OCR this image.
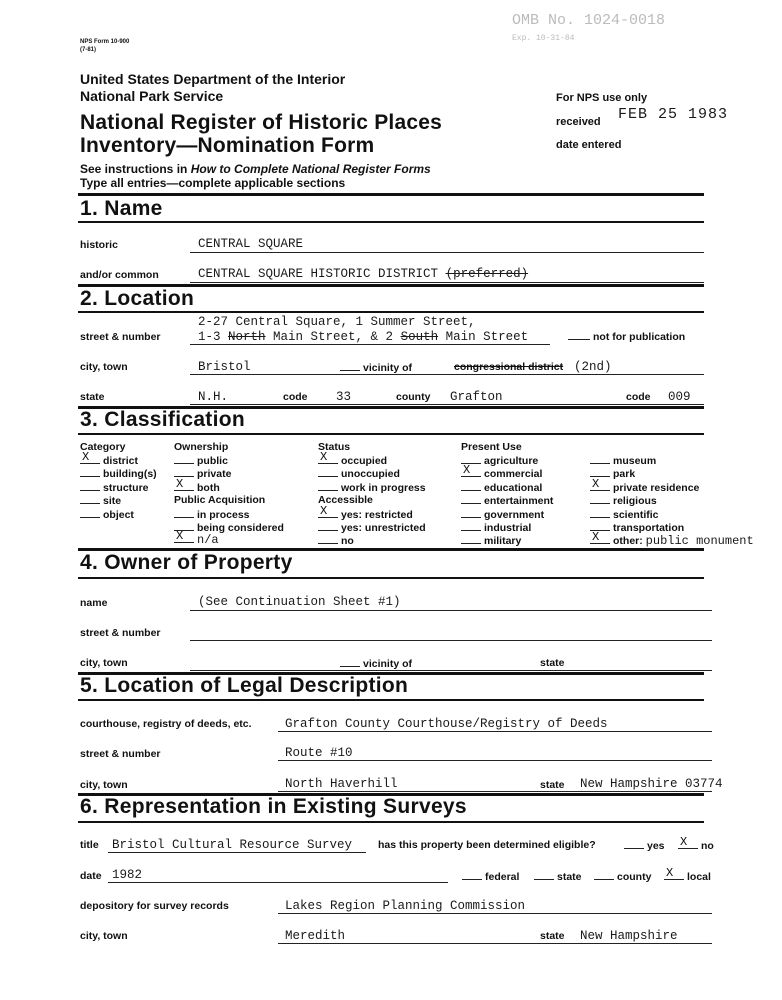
NPS Form 10-900
(7-81)
OMB No. 1024-0018
Exp. 10-31-84
United States Department of the Interior
National Park Service
National Register of Historic Places
Inventory—Nomination Form
See instructions in How to Complete National Register Forms
Type all entries—complete applicable sections
For NPS use only
received FEB 25 1983
date entered
1. Name
historic	CENTRAL SQUARE
and/or common	CENTRAL SQUARE HISTORIC DISTRICT (preferred)
2. Location
2-27 Central Square, 1 Summer Street,
street & number	1-3 North Main Street, & 2 South Main Street	not for publication
city, town	Bristol	vicinity of	congressional district (2nd)
state	N.H.	code 33	county Grafton	code 009
3. Classification
Category
X district
building(s)
structure
site
object
Ownership
public
private
X both
Public Acquisition
in process
being considered
X n/a
Status
X occupied
unoccupied
work in progress
Accessible
X yes: restricted
yes: unrestricted
no
Present Use
agriculture
X commercial
educational
entertainment
government
industrial
military
museum
park
X private residence
religious
scientific
transportation
X other: public monument
4. Owner of Property
name	(See Continuation Sheet #1)
street & number
city, town	vicinity of	state
5. Location of Legal Description
courthouse, registry of deeds, etc.	Grafton County Courthouse/Registry of Deeds
street & number	Route #10
city, town	North Haverhill	state New Hampshire 03774
6. Representation in Existing Surveys
title Bristol Cultural Resource Survey has this property been determined eligible?	yes X no
date 1982	federal	state	county X local
depository for survey records	Lakes Region Planning Commission
city, town	Meredith	state New Hampshire
